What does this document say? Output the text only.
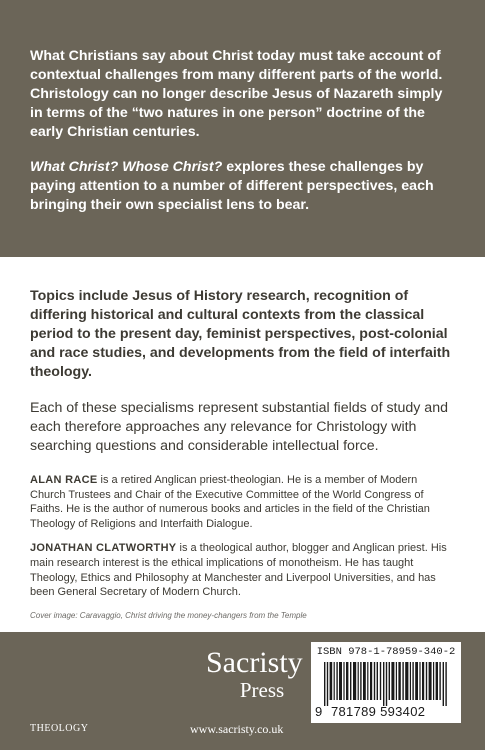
What Christians say about Christ today must take account of contextual challenges from many different parts of the world. Christology can no longer describe Jesus of Nazareth simply in terms of the “two natures in one person” doctrine of the early Christian centuries.

What Christ? Whose Christ? explores these challenges by paying attention to a number of different perspectives, each bringing their own specialist lens to bear.

Topics include Jesus of History research, recognition of differing historical and cultural contexts from the classical period to the present day, feminist perspectives, post-colonial and race studies, and developments from the field of interfaith theology.

Each of these specialisms represent substantial fields of study and each therefore approaches any relevance for Christology with searching questions and considerable intellectual force.

ALAN RACE is a retired Anglican priest-theologian. He is a member of Modern Church Trustees and Chair of the Executive Committee of the World Congress of Faiths. He is the author of numerous books and articles in the field of the Christian Theology of Religions and Interfaith Dialogue.

JONATHAN CLATWORTHY is a theological author, blogger and Anglican priest. His main research interest is the ethical implications of monotheism. He has taught Theology, Ethics and Philosophy at Manchester and Liverpool Universities, and has been General Secretary of Modern Church.

Cover image: Caravaggio, Christ driving the money-changers from the Temple

Sacristy
Press
THEOLOGY	www.sacristy.co.uk
ISBN 978-1-78959-340-2
9 781789 593402
